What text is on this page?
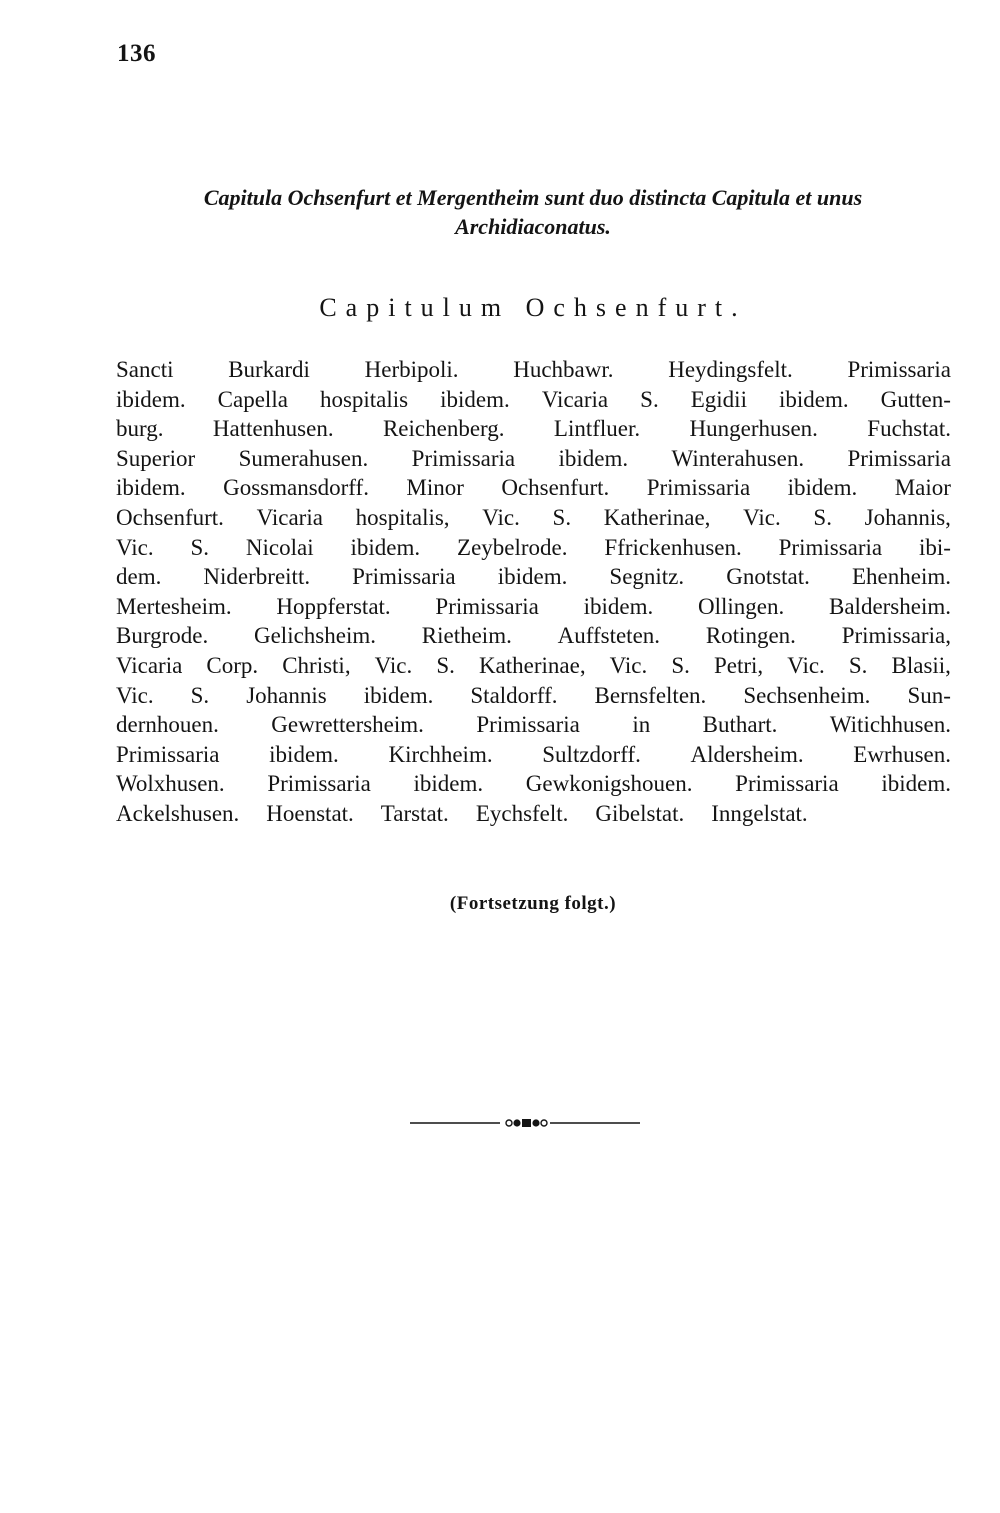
136
Capitula Ochsenfurt et Mergentheim sunt duo distincta Capitula et unus
Archidiaconatus.
Capitulum Ochsenfurt.
Sancti Burkardi Herbipoli. Huchbawr. Heydingsfelt. Primissaria
ibidem. Capella hospitalis ibidem. Vicaria S. Egidii ibidem. Gutten-
burg. Hattenhusen. Reichenberg. Lintfluer. Hungerhusen. Fuchstat.
Superior Sumerahusen. Primissaria ibidem. Winterahusen. Primissaria
ibidem. Gossmansdorff. Minor Ochsenfurt. Primissaria ibidem. Maior
Ochsenfurt. Vicaria hospitalis, Vic. S. Katherinae, Vic. S. Johannis,
Vic. S. Nicolai ibidem. Zeybelrode. Ffrickenhusen. Primissaria ibi-
dem. Niderbreitt. Primissaria ibidem. Segnitz. Gnotstat. Ehenheim.
Mertesheim. Hoppferstat. Primissaria ibidem. Ollingen. Baldersheim.
Burgrode. Gelichsheim. Rietheim. Auffsteten. Rotingen. Primissaria,
Vicaria Corp. Christi, Vic. S. Katherinae, Vic. S. Petri, Vic. S. Blasii,
Vic. S. Johannis ibidem. Staldorff. Bernsfelten. Sechsenheim. Sun-
dernhouen. Gewrettersheim. Primissaria in Buthart. Witichhusen.
Primissaria ibidem. Kirchheim. Sultzdorff. Aldersheim. Ewrhusen.
Wolxhusen. Primissaria ibidem. Gewkonigshouen. Primissaria ibidem.
Ackelshusen. Hoenstat. Tarstat. Eychsfelt. Gibelstat. Inngelstat.
(Fortsetzung folgt.)
